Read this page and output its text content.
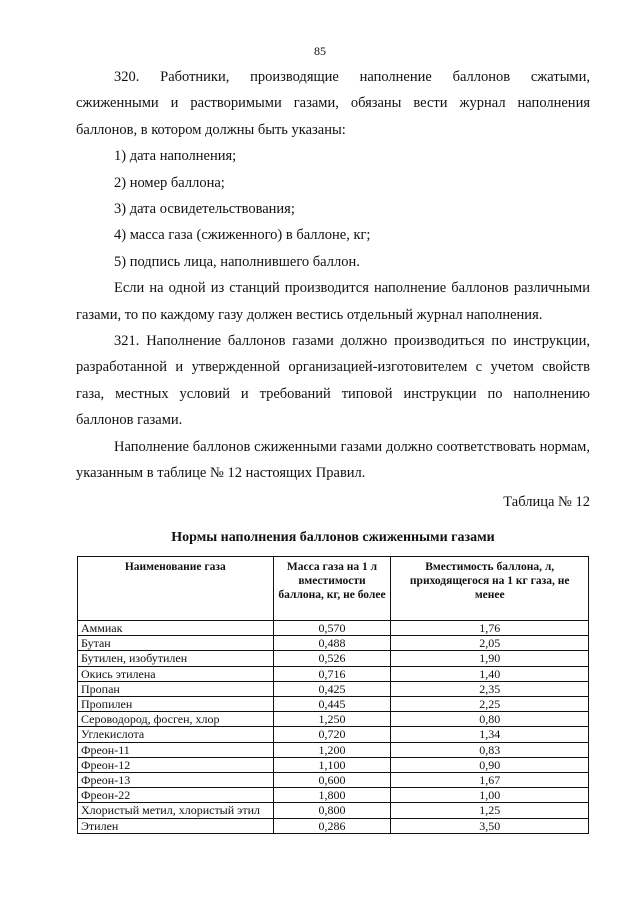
85

320. Работники, производящие наполнение баллонов сжатыми, сжиженными и растворимыми газами, обязаны вести журнал наполнения баллонов, в котором должны быть указаны:

1) дата наполнения;

2) номер баллона;

3) дата освидетельствования;

4) масса газа (сжиженного) в баллоне, кг;

5) подпись лица, наполнившего баллон.

Если на одной из станций производится наполнение баллонов различными газами, то по каждому газу должен вестись отдельный журнал наполнения.

321. Наполнение баллонов газами должно производиться по инструкции, разработанной и утвержденной организацией-изготовителем с учетом свойств газа, местных условий и требований типовой инструкции по наполнению баллонов газами.

Наполнение баллонов сжиженными газами должно соответствовать нормам, указанным в таблице № 12 настоящих Правил.

Таблица № 12

Нормы наполнения баллонов сжиженными газами
Наименование газа	Масса газа на 1 л вместимости баллона, кг, не более	Вместимость баллона, л, приходящегося на 1 кг газа, не менее
Аммиак	0,570	1,76
Бутан	0,488	2,05
Бутилен, изобутилен	0,526	1,90
Окись этилена	0,716	1,40
Пропан	0,425	2,35
Пропилен	0,445	2,25
Сероводород, фосген, хлор	1,250	0,80
Углекислота	0,720	1,34
Фреон-11	1,200	0,83
Фреон-12	1,100	0,90
Фреон-13	0,600	1,67
Фреон-22	1,800	1,00
Хлористый метил, хлористый этил	0,800	1,25
Этилен	0,286	3,50
